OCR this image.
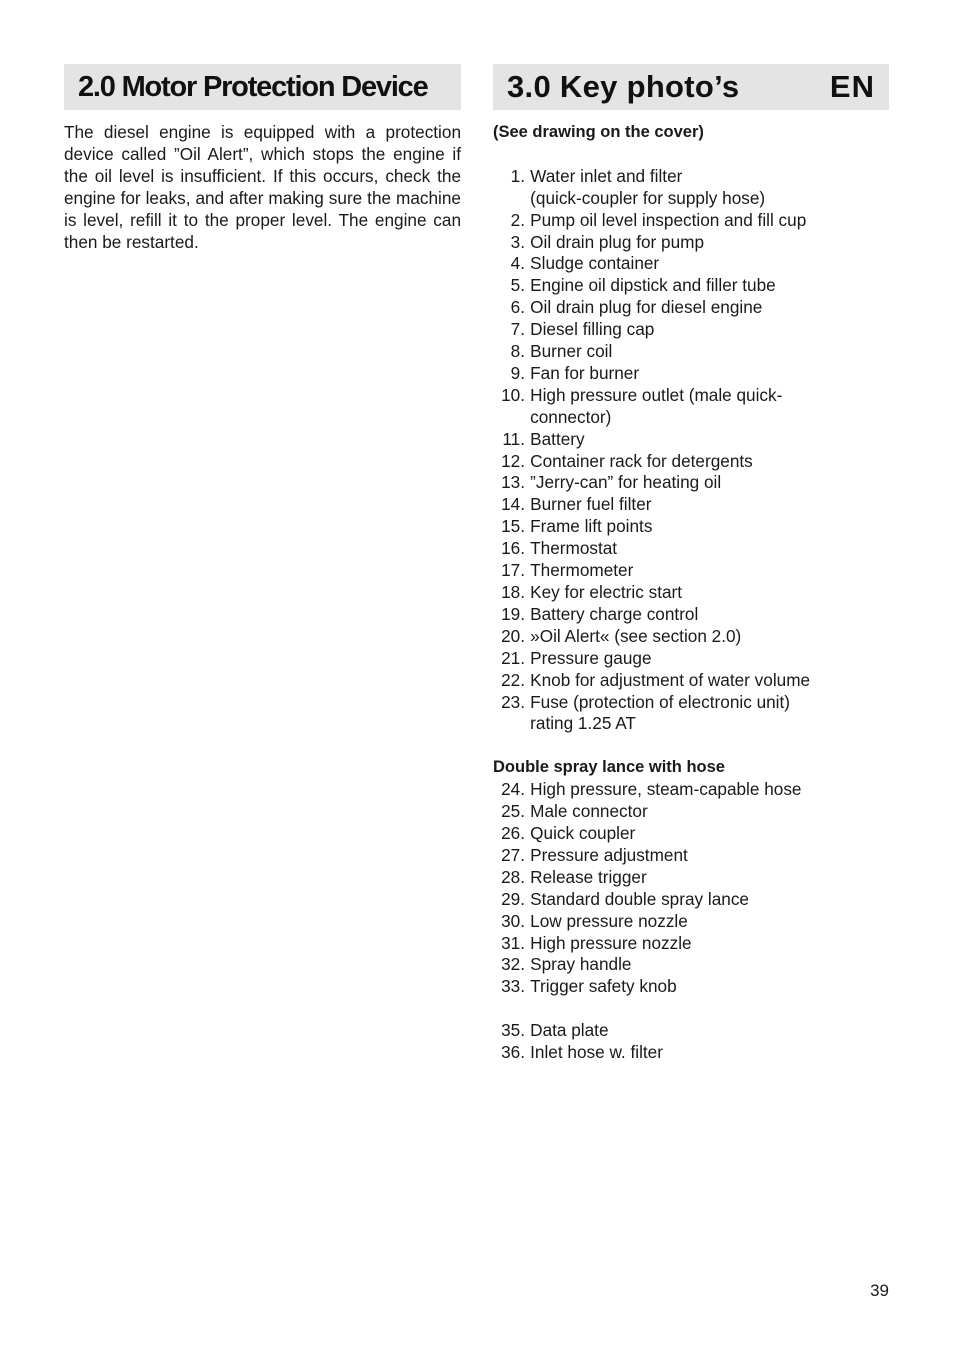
2.0 Motor Protection Device
The diesel engine is equipped with a protection device called ”Oil Alert”, which stops the engine if the oil level is insufficient. If this occurs, check the engine for leaks, and after making sure the machine is level, refill it to the proper level. The engine can then be restarted.
3.0 Key photo’s	EN
(See drawing on the cover)
1. Water inlet and filter
(quick-coupler for supply hose)
2. Pump oil level inspection and fill cup
3. Oil drain plug for pump
4. Sludge container
5. Engine oil dipstick and filler tube
6. Oil drain plug for diesel engine
7. Diesel filling cap
8. Burner coil
9. Fan for burner
10. High pressure outlet (male quick-
connector)
11. Battery
12. Container rack for detergents
13. ”Jerry-can” for heating oil
14. Burner fuel filter
15. Frame lift points
16. Thermostat
17. Thermometer
18. Key for electric start
19. Battery charge control
20. »Oil Alert« (see section 2.0)
21. Pressure gauge
22. Knob for adjustment of water volume
23. Fuse (protection of electronic unit)
rating 1.25 AT
Double spray lance with hose
24. High pressure, steam-capable hose
25. Male connector
26. Quick coupler
27. Pressure adjustment
28. Release trigger
29. Standard double spray lance
30. Low pressure nozzle
31. High pressure nozzle
32. Spray handle
33. Trigger safety knob
35. Data plate
36. Inlet hose w. filter
39
